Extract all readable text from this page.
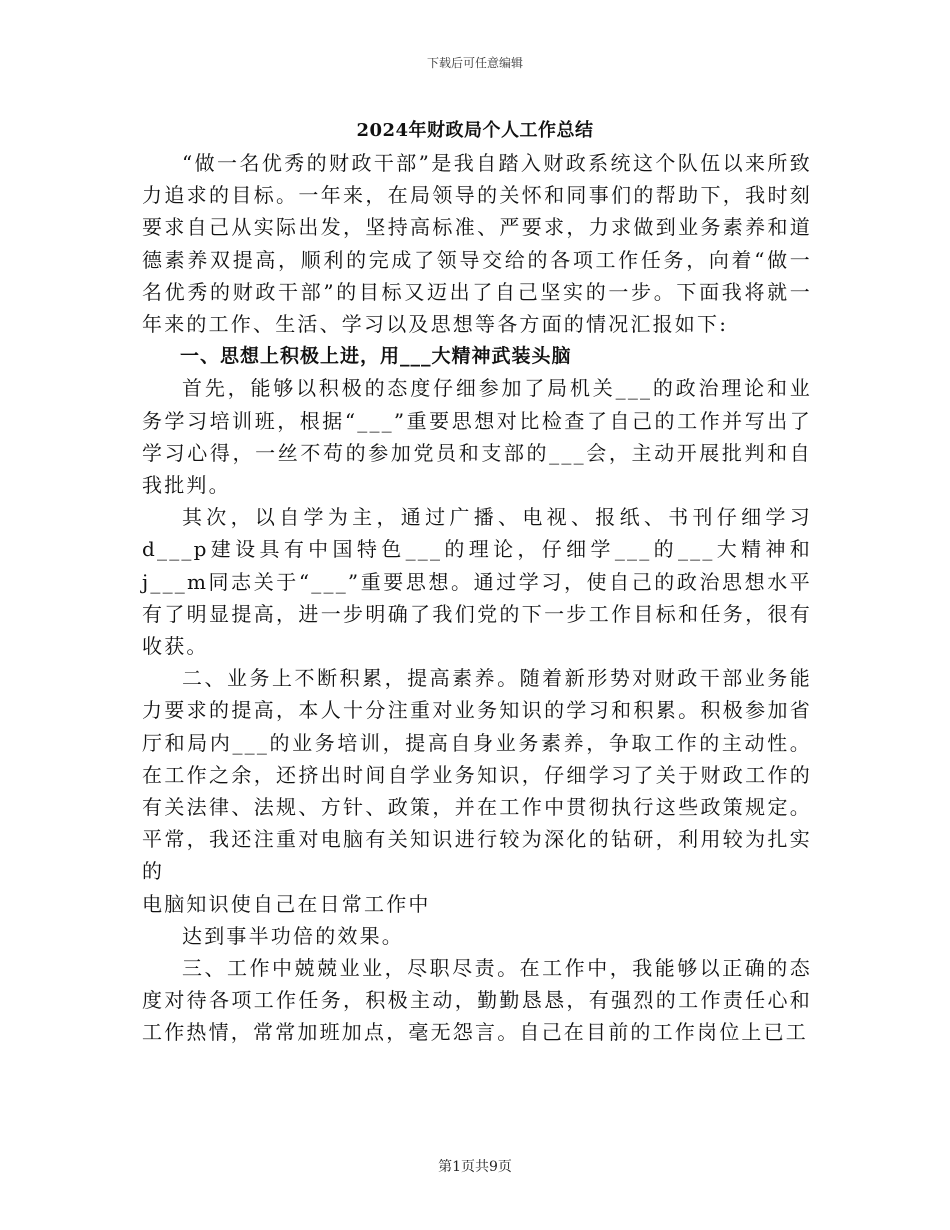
下载后可任意编辑
2024年财政局个人工作总结

“做一名优秀的财政干部”是我自踏入财政系统这个队伍以来所致力追求的目标。一年来，在局领导的关怀和同事们的帮助下，我时刻要求自己从实际出发，坚持高标准、严要求，力求做到业务素养和道德素养双提高，顺利的完成了领导交给的各项工作任务，向着“做一名优秀的财政干部”的目标又迈出了自己坚实的一步。下面我将就一年来的工作、生活、学习以及思想等各方面的情况汇报如下:

一、思想上积极上进，用___大精神武装头脑

首先，能够以积极的态度仔细参加了局机关___的政治理论和业务学习培训班，根据“___”重要思想对比检查了自己的工作并写出了学习心得，一丝不苟的参加党员和支部的___会，主动开展批判和自我批判。

其次，以自学为主，通过广播、电视、报纸、书刊仔细学习d___p建设具有中国特色___的理论，仔细学___的___大精神和j___m同志关于“___”重要思想。通过学习，使自己的政治思想水平有了明显提高，进一步明确了我们党的下一步工作目标和任务，很有收获。

二、业务上不断积累，提高素养。随着新形势对财政干部业务能力要求的提高，本人十分注重对业务知识的学习和积累。积极参加省厅和局内___的业务培训，提高自身业务素养，争取工作的主动性。在工作之余，还挤出时间自学业务知识，仔细学习了关于财政工作的有关法律、法规、方针、政策，并在工作中贯彻执行这些政策规定。平常，我还注重对电脑有关知识进行较为深化的钻研，利用较为扎实的

电脑知识使自己在日常工作中

达到事半功倍的效果。

三、工作中兢兢业业，尽职尽责。在工作中，我能够以正确的态度对待各项工作任务，积极主动，勤勤恳恳，有强烈的工作责任心和工作热情，常常加班加点，毫无怨言。自己在目前的工作岗位上已工

第1页共9页
